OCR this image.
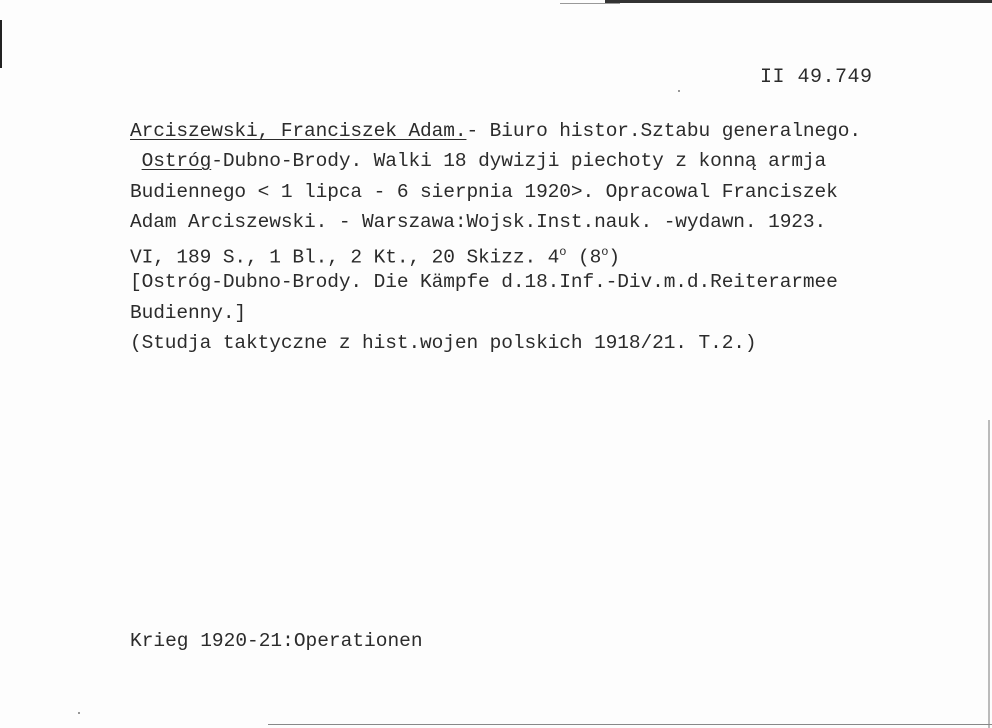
II 49.749
Arciszewski, Franciszek Adam.- Biuro histor.Sztabu generalnego.
Ostróg-Dubno-Brody. Walki 18 dywizji piechoty z konną armja
Budiennego < 1 lipca - 6 sierpnia 1920>. Opracowal Franciszek
Adam Arciszewski. - Warszawa:Wojsk.Inst.nauk. -wydawn. 1923.
VI, 189 S., 1 Bl., 2 Kt., 20 Skizz. 4$^o$ (8$^o$)
[Ostróg-Dubno-Brody. Die Kämpfe d.18.Inf.-Div.m.d.Reiterarmee
Budienny.]
(Studja taktyczne z hist.wojen polskich 1918/21. T.2.)
Krieg 1920-21:Operationen
